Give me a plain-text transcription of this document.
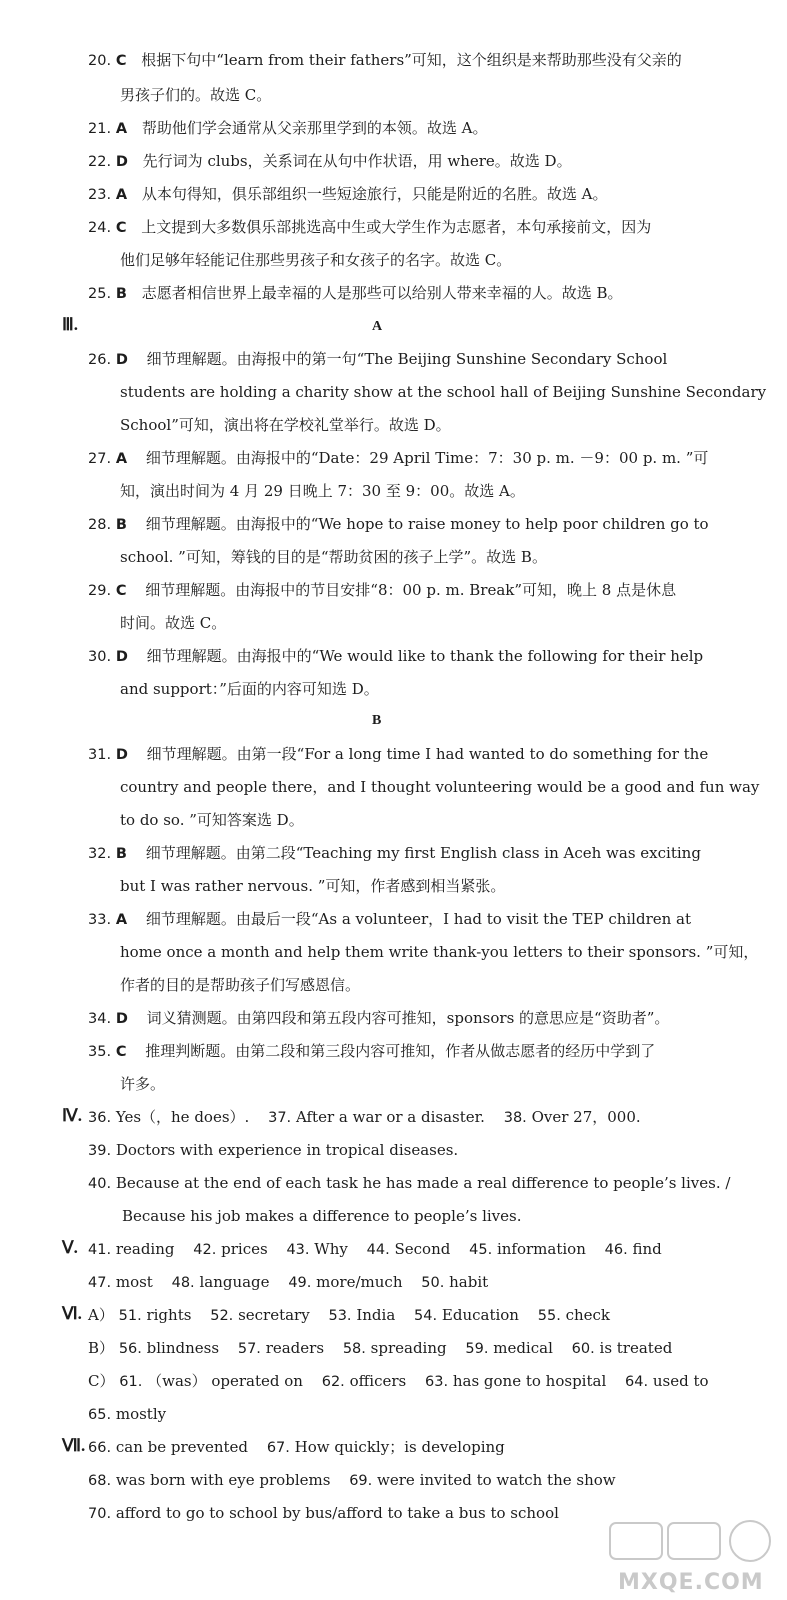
20. C 根据下句中“learn from their fathers”可知，这个组织是来帮助那些没有父亲的
男孩子们的。故选 C。
21. A 帮助他们学会通常从父亲那里学到的本领。故选 A。
22. D 先行词为 clubs，关系词在从句中作状语，用 where。故选 D。
23. A 从本句得知，俱乐部组织一些短途旅行，只能是附近的名胜。故选 A。
24. C 上文提到大多数俱乐部挑选高中生或大学生作为志愿者，本句承接前文，因为
他们足够年轻能记住那些男孩子和女孩子的名字。故选 C。
25. B 志愿者相信世界上最幸福的人是那些可以给别人带来幸福的人。故选 B。
Ⅲ.	A
26. D 细节理解题。由海报中的第一句“The Beijing Sunshine Secondary School
students are holding a charity show at the school hall of Beijing Sunshine Secondary
School”可知，演出将在学校礼堂举行。故选 D。
27. A 细节理解题。由海报中的“Date：29 April Time：7：30 p. m. －9：00 p. m. ”可
知，演出时间为 4 月 29 日晚上 7：30 至 9：00。故选 A。
28. B 细节理解题。由海报中的“We hope to raise money to help poor children go to
school. ”可知，筹钱的目的是“帮助贫困的孩子上学”。故选 B。
29. C 细节理解题。由海报中的节目安排“8：00 p. m. Break”可知，晚上 8 点是休息
时间。故选 C。
30. D 细节理解题。由海报中的“We would like to thank the following for their help
and support：”后面的内容可知选 D。
B
31. D 细节理解题。由第一段“For a long time I had wanted to do something for the
country and people there，and I thought volunteering would be a good and fun way
to do so. ”可知答案选 D。
32. B 细节理解题。由第二段“Teaching my first English class in Aceh was exciting
but I was rather nervous. ”可知，作者感到相当紧张。
33. A 细节理解题。由最后一段“As a volunteer，I had to visit the TEP children at
home once a month and help them write thank-you letters to their sponsors. ”可知，
作者的目的是帮助孩子们写感恩信。
34. D 词义猜测题。由第四段和第五段内容可推知，sponsors 的意思应是“资助者”。
35. C 推理判断题。由第二段和第三段内容可推知，作者从做志愿者的经历中学到了
许多。
Ⅳ. 36. Yes（，he does）. 37. After a war or a disaster. 38. Over 27，000.
39. Doctors with experience in tropical diseases.
40. Because at the end of each task he has made a real difference to people’s lives. /
Because his job makes a difference to people’s lives.
Ⅴ. 41. reading 42. prices 43. Why 44. Second 45. information 46. find
47. most 48. language 49. more/much 50. habit
Ⅵ. A） 51. rights 52. secretary 53. India 54. Education 55. check
B） 56. blindness 57. readers 58. spreading 59. medical 60. is treated
C） 61. （was） operated on 62. officers 63. has gone to hospital 64. used to
65. mostly
Ⅶ. 66. can be prevented 67. How quickly；is developing
68. was born with eye problems 69. were invited to watch the show
70. afford to go to school by bus/afford to take a bus to school
MXQE.COM
